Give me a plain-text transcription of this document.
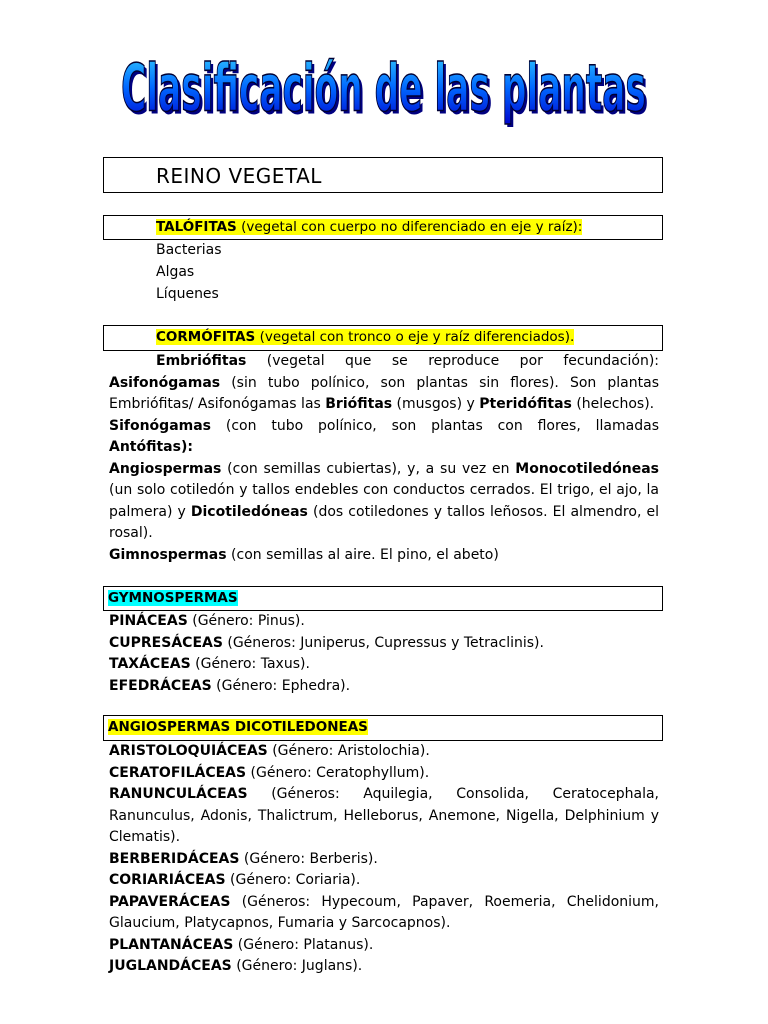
Clasificación de las plantas
Clasificación de las plantas
REINO VEGETAL
TALÓFITAS (vegetal con cuerpo no diferenciado en eje y raíz):
Bacterias
Algas
Líquenes
CORMÓFITAS (vegetal con tronco o eje y raíz diferenciados).
Embriófitas (vegetal que se reproduce por fecundación): Asifonógamas (sin tubo polínico, son plantas sin flores). Son plantas Embriófitas/ Asifonógamas las Briófitas (musgos) y Pteridófitas (helechos).
Sifonógamas (con tubo polínico, son plantas con flores, llamadas Antófitas):
Angiospermas (con semillas cubiertas), y, a su vez en Monocotiledóneas (un solo cotiledón y tallos endebles con conductos cerrados. El trigo, el ajo, la palmera) y Dicotiledóneas (dos cotiledones y tallos leñosos. El almendro, el rosal).
Gimnospermas (con semillas al aire. El pino, el abeto)
GYMNOSPERMAS
PINÁCEAS (Género: Pinus).
CUPRESÁCEAS (Géneros: Juniperus, Cupressus y Tetraclinis).
TAXÁCEAS (Género: Taxus).
EFEDRÁCEAS (Género: Ephedra).
ANGIOSPERMAS DICOTILEDONEAS
ARISTOLOQUIÁCEAS (Género: Aristolochia).
CERATOFILÁCEAS (Género: Ceratophyllum).
RANUNCULÁCEAS (Géneros: Aquilegia, Consolida, Ceratocephala, Ranunculus, Adonis, Thalictrum, Helleborus, Anemone, Nigella, Delphinium y Clematis).
BERBERIDÁCEAS (Género: Berberis).
CORIARIÁCEAS (Género: Coriaria).
PAPAVERÁCEAS (Géneros: Hypecoum, Papaver, Roemeria, Chelidonium, Glaucium, Platycapnos, Fumaria y Sarcocapnos).
PLANTANÁCEAS (Género: Platanus).
JUGLANDÁCEAS (Género: Juglans).
